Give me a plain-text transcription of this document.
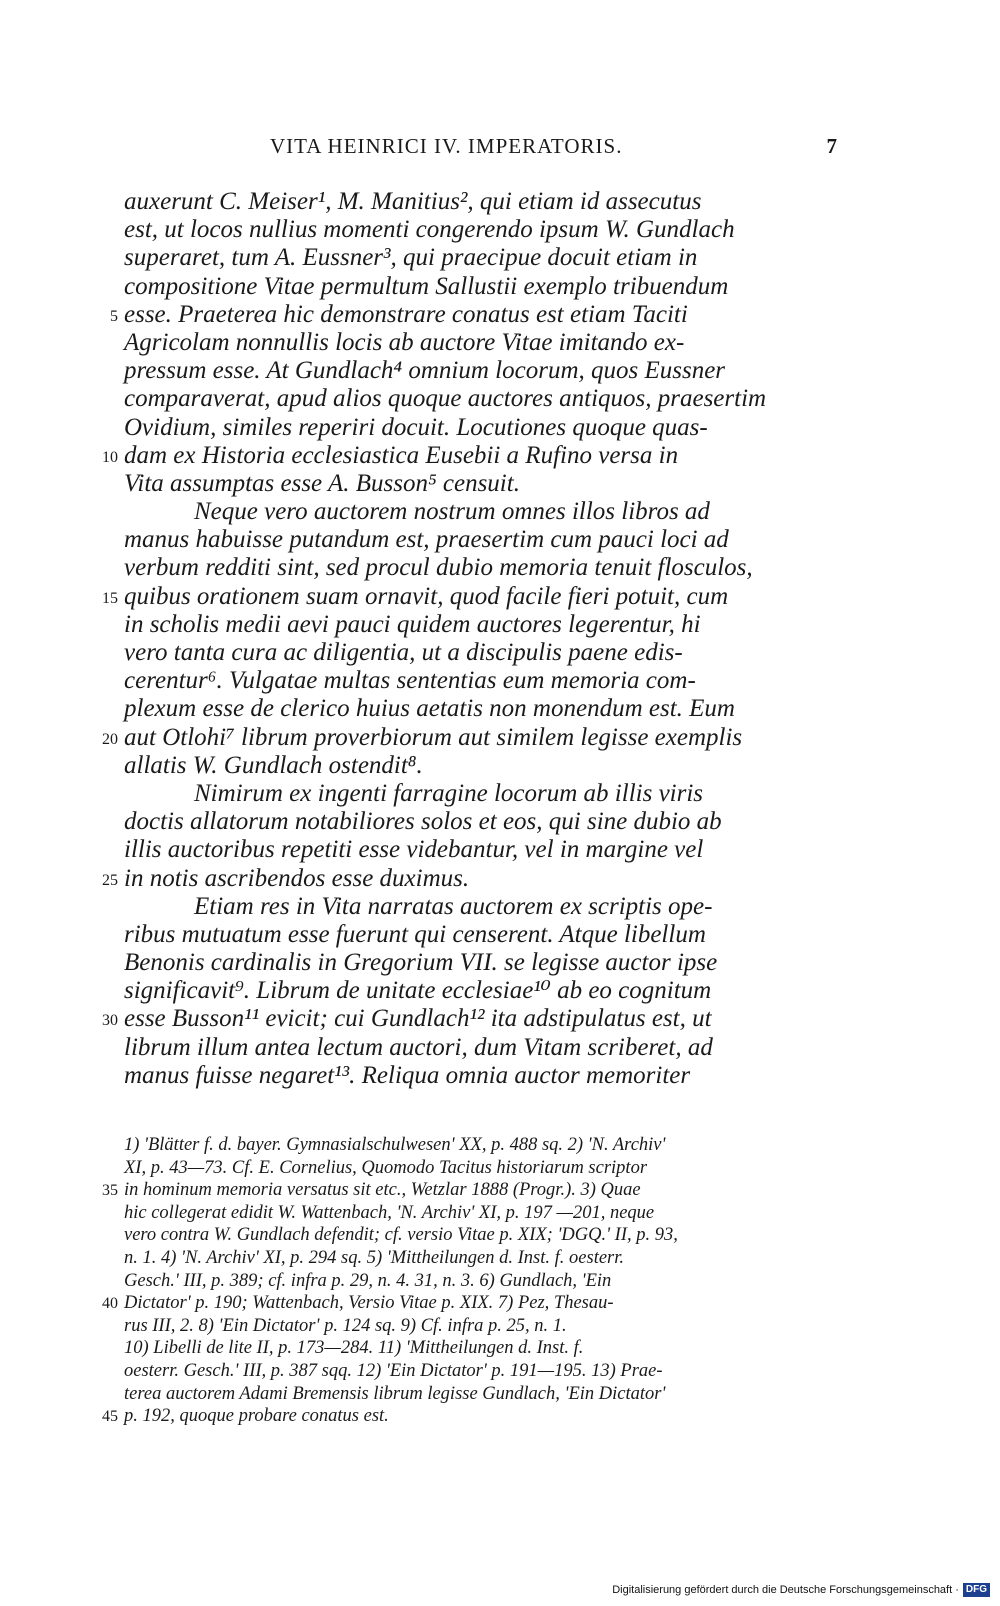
VITA HEINRICI IV. IMPERATORIS.	7
auxerunt C. Meiser¹, M. Manitius², qui etiam id assecutus
est, ut locos nullius momenti congerendo ipsum W. Gundlach
superaret, tum A. Eussner³, qui praecipue docuit etiam in
compositione Vitae permultum Sallustii exemplo tribuendum
5 esse. Praeterea hic demonstrare conatus est etiam Taciti
Agricolam nonnullis locis ab auctore Vitae imitando ex-
pressum esse. At Gundlach⁴ omnium locorum, quos Eussner
comparaverat, apud alios quoque auctores antiquos, praesertim
Ovidium, similes reperiri docuit. Locutiones quoque quas-
10 dam ex Historia ecclesiastica Eusebii a Rufino versa in
Vita assumptas esse A. Busson⁵ censuit.
Neque vero auctorem nostrum omnes illos libros ad
manus habuisse putandum est, praesertim cum pauci loci ad
verbum redditi sint, sed procul dubio memoria tenuit flosculos,
15 quibus orationem suam ornavit, quod facile fieri potuit, cum
in scholis medii aevi pauci quidem auctores legerentur, hi
vero tanta cura ac diligentia, ut a discipulis paene edis-
cerentur⁶. Vulgatae multas sententias eum memoria com-
plexum esse de clerico huius aetatis non monendum est. Eum
20 aut Otlohi⁷ librum proverbiorum aut similem legisse exemplis
allatis W. Gundlach ostendit⁸.
Nimirum ex ingenti farragine locorum ab illis viris
doctis allatorum notabiliores solos et eos, qui sine dubio ab
illis auctoribus repetiti esse videbantur, vel in margine vel
25 in notis ascribendos esse duximus.
Etiam res in Vita narratas auctorem ex scriptis ope-
ribus mutuatum esse fuerunt qui censerent. Atque libellum
Benonis cardinalis in Gregorium VII. se legisse auctor ipse
significavit⁹. Librum de unitate ecclesiae¹⁰ ab eo cognitum
30 esse Busson¹¹ evicit; cui Gundlach¹² ita adstipulatus est, ut
librum illum antea lectum auctori, dum Vitam scriberet, ad
manus fuisse negaret¹³. Reliqua omnia auctor memoriter
1) 'Blätter f. d. bayer. Gymnasialschulwesen' XX, p. 488 sq. 2) 'N. Archiv'
XI, p. 43—73. Cf. E. Cornelius, Quomodo Tacitus historiarum scriptor
35 in hominum memoria versatus sit etc., Wetzlar 1888 (Progr.). 3) Quae
hic collegerat edidit W. Wattenbach, 'N. Archiv' XI, p. 197 —201, neque
vero contra W. Gundlach defendit; cf. versio Vitae p. XIX; 'DGQ.' II, p. 93,
n. 1. 4) 'N. Archiv' XI, p. 294 sq. 5) 'Mittheilungen d. Inst. f. oesterr.
Gesch.' III, p. 389; cf. infra p. 29, n. 4. 31, n. 3. 6) Gundlach, 'Ein
40 Dictator' p. 190; Wattenbach, Versio Vitae p. XIX. 7) Pez, Thesau-
rus III, 2. 8) 'Ein Dictator' p. 124 sq. 9) Cf. infra p. 25, n. 1.
10) Libelli de lite II, p. 173—284. 11) 'Mittheilungen d. Inst. f.
oesterr. Gesch.' III, p. 387 sqq. 12) 'Ein Dictator' p. 191—195. 13) Prae-
terea auctorem Adami Bremensis librum legisse Gundlach, 'Ein Dictator'
45 p. 192, quoque probare conatus est.
Digitalisierung gefördert durch die Deutsche Forschungsgemeinschaft · DFG
